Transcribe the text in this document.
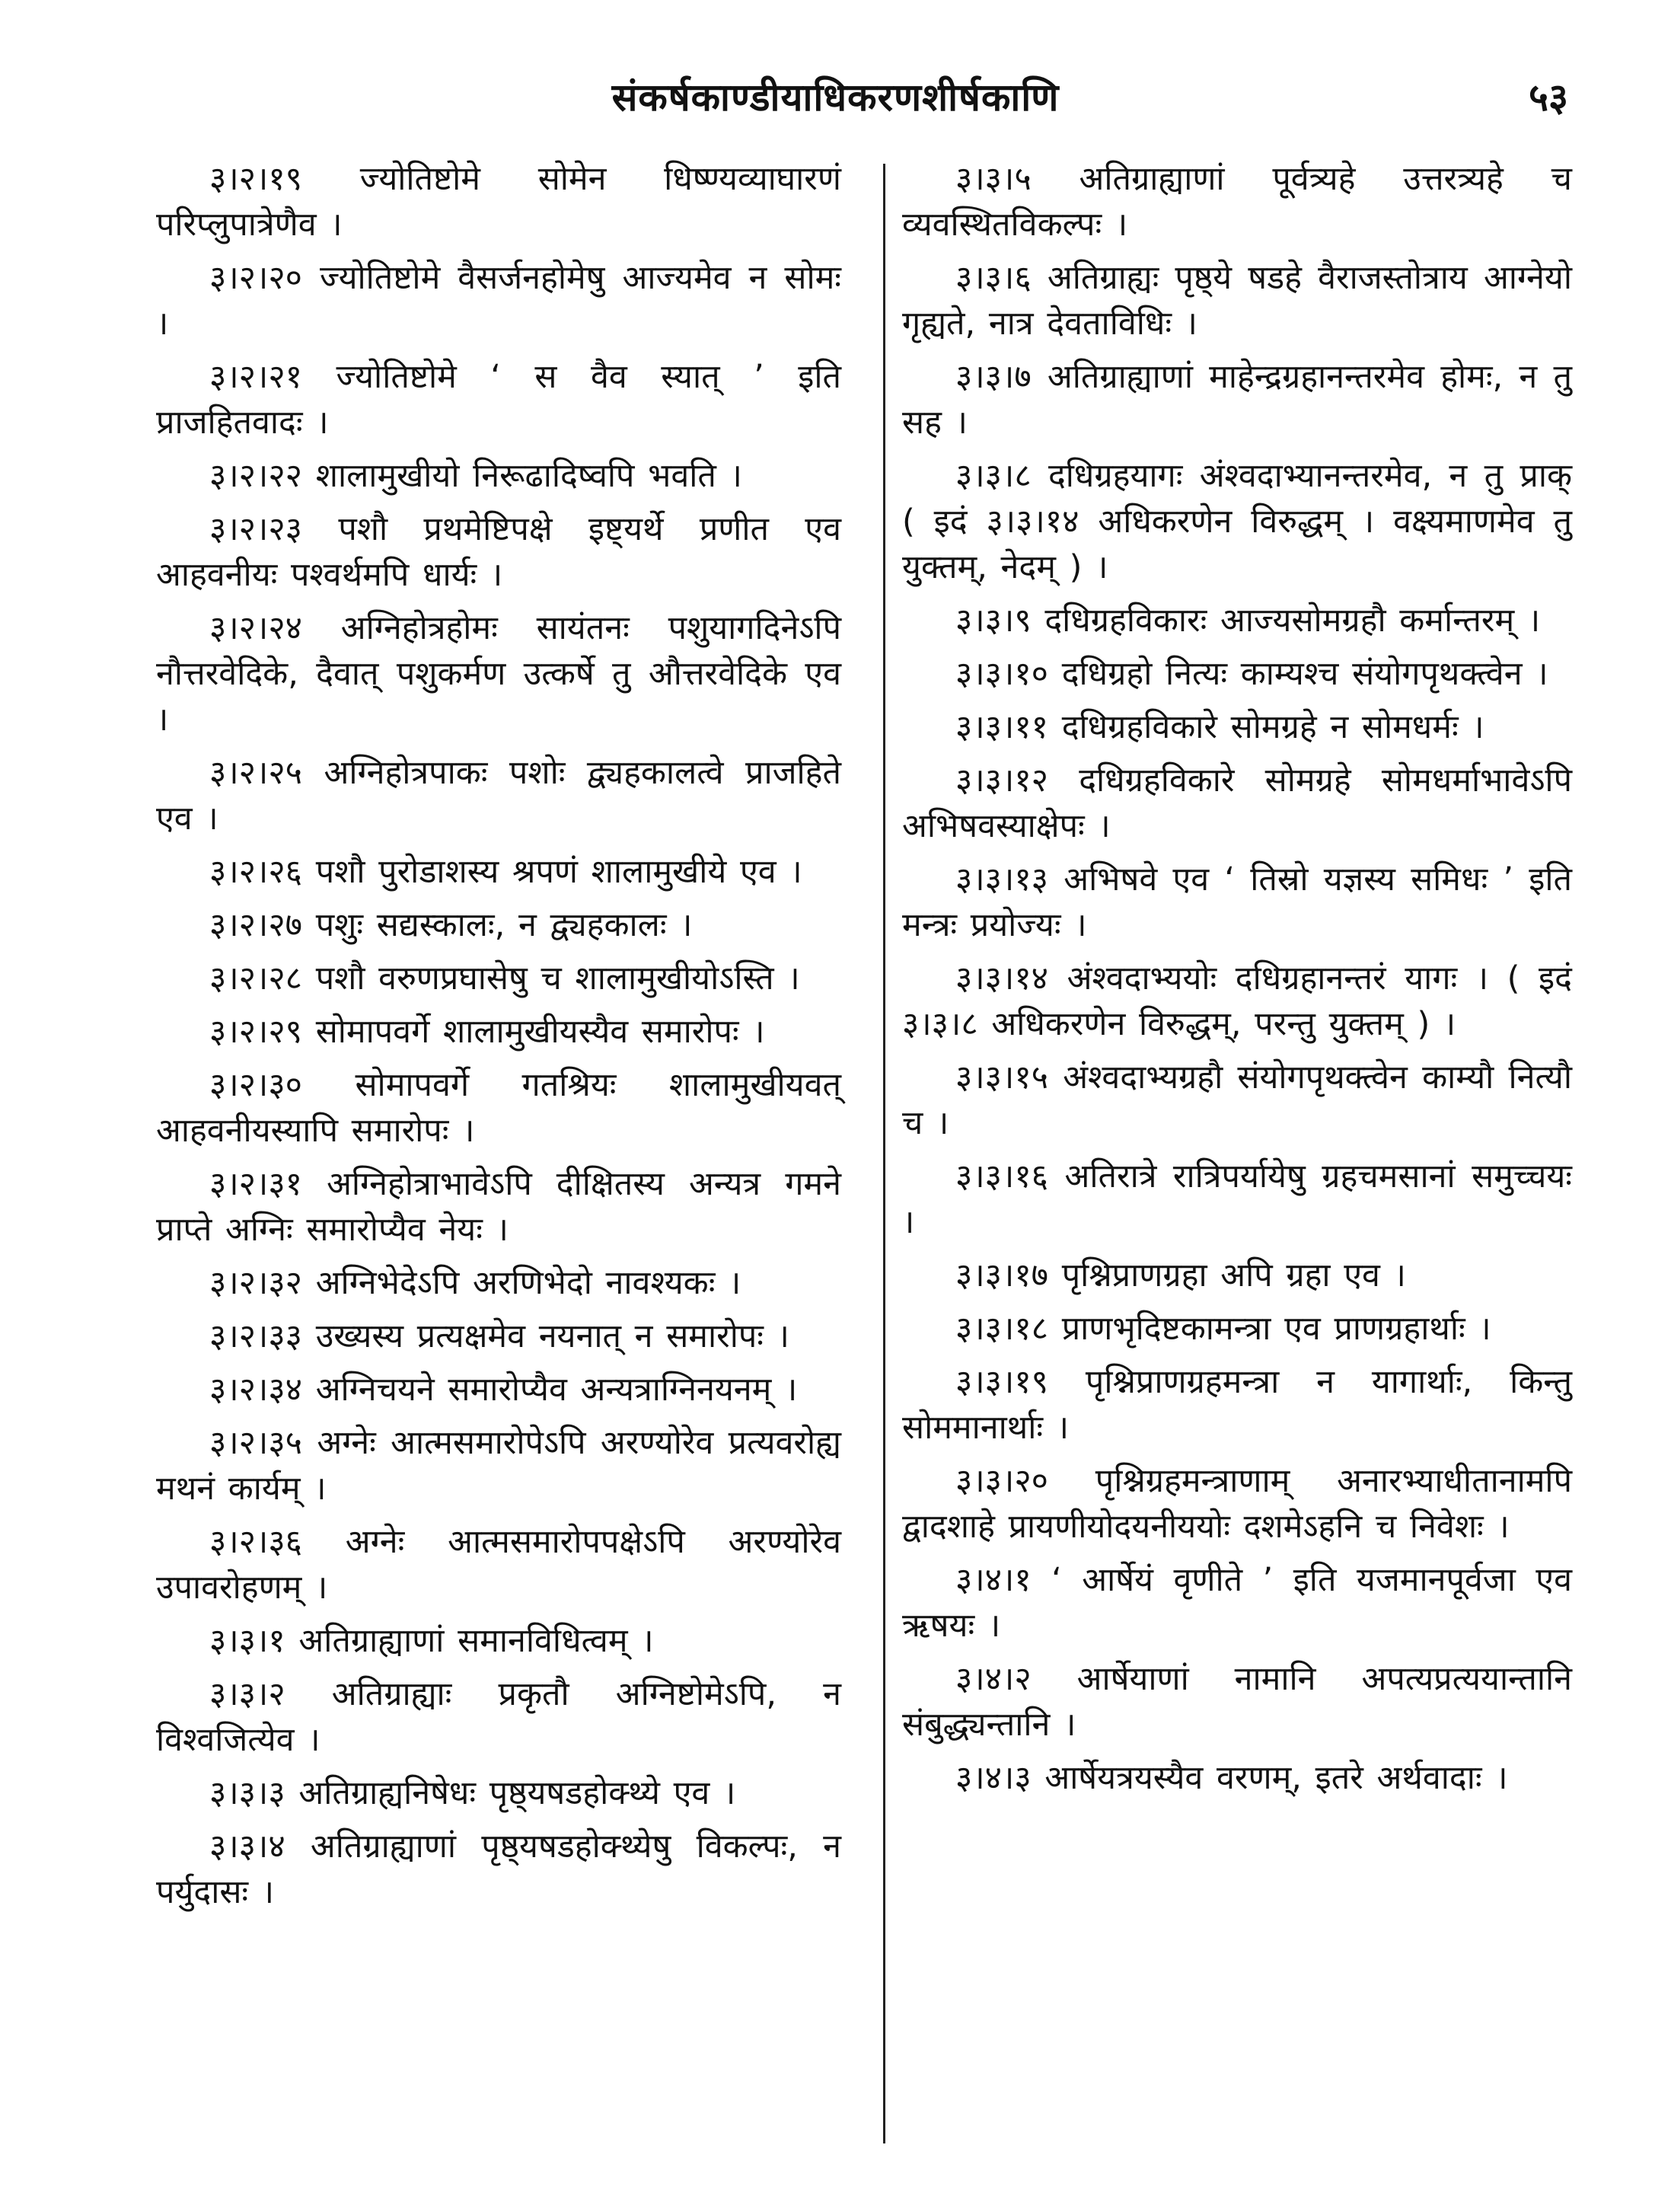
संकर्षकाण्डीयाधिकरणशीर्षकाणि	५३

३।२।१९ ज्योतिष्टोमे सोमेन धिष्ण्यव्याघारणं परिप्लुपात्रेणैव ।

३।२।२० ज्योतिष्टोमे वैसर्जनहोमेषु आज्यमेव न सोमः ।

३।२।२१ ज्योतिष्टोमे ‘ स वैव स्यात् ’ इति प्राजहितवादः ।

३।२।२२ शालामुखीयो निरूढादिष्वपि भवति ।

३।२।२३ पशौ प्रथमेष्टिपक्षे इष्ट्यर्थे प्रणीत एव आहवनीयः पश्वर्थमपि धार्यः ।

३।२।२४ अग्निहोत्रहोमः सायंतनः पशुयागदिनेऽपि नौत्तरवेदिके, दैवात् पशुकर्मण उत्कर्षे तु औत्तरवेदिके एव ।

३।२।२५ अग्निहोत्रपाकः पशोः द्व्यहकालत्वे प्राजहिते एव ।

३।२।२६ पशौ पुरोडाशस्य श्रपणं शालामुखीये एव ।

३।२।२७ पशुः सद्यस्कालः, न द्व्यहकालः ।

३।२।२८ पशौ वरुणप्रघासेषु च शालामुखीयोऽस्ति ।

३।२।२९ सोमापवर्गे शालामुखीयस्यैव समारोपः ।

३।२।३० सोमापवर्गे गतश्रियः शालामुखीयवत् आहवनीयस्यापि समारोपः ।

३।२।३१ अग्निहोत्राभावेऽपि दीक्षितस्य अन्यत्र गमने प्राप्ते अग्निः समारोप्यैव नेयः ।

३।२।३२ अग्निभेदेऽपि अरणिभेदो नावश्यकः ।

३।२।३३ उख्यस्य प्रत्यक्षमेव नयनात् न समारोपः ।

३।२।३४ अग्निचयने समारोप्यैव अन्यत्राग्निनयनम् ।

३।२।३५ अग्नेः आत्मसमारोपेऽपि अरण्योरेव प्रत्यवरोह्य मथनं कार्यम् ।

३।२।३६ अग्नेः आत्मसमारोपपक्षेऽपि अरण्योरेव उपावरोहणम् ।

३।३।१ अतिग्राह्याणां समानविधित्वम् ।

३।३।२ अतिग्राह्याः प्रकृतौ अग्निष्टोमेऽपि, न विश्वजित्येव ।

३।३।३ अतिग्राह्यनिषेधः पृष्ठ्यषडहोक्थ्ये एव ।

३।३।४ अतिग्राह्याणां पृष्ठ्यषडहोक्थ्येषु विकल्पः, न पर्युदासः ।

३।३।५ अतिग्राह्याणां पूर्वत्र्यहे उत्तरत्र्यहे च व्यवस्थितविकल्पः ।

३।३।६ अतिग्राह्यः पृष्ठ्ये षडहे वैराजस्तोत्राय आग्नेयो गृह्यते, नात्र देवताविधिः ।

३।३।७ अतिग्राह्याणां माहेन्द्रग्रहानन्तरमेव होमः, न तु सह ।

३।३।८ दधिग्रहयागः अंश्वदाभ्यानन्तरमेव, न तु प्राक् ( इदं ३।३।१४ अधिकरणेन विरुद्धम् । वक्ष्यमाणमेव तु युक्तम्, नेदम् ) ।

३।३।९ दधिग्रहविकारः आज्यसोमग्रहौ कर्मान्तरम् ।

३।३।१० दधिग्रहो नित्यः काम्यश्च संयोगपृथक्त्वेन ।

३।३।११ दधिग्रहविकारे सोमग्रहे न सोमधर्मः ।

३।३।१२ दधिग्रहविकारे सोमग्रहे सोमधर्माभावेऽपि अभिषवस्याक्षेपः ।

३।३।१३ अभिषवे एव ‘ तिस्रो यज्ञस्य समिधः ’ इति मन्त्रः प्रयोज्यः ।

३।३।१४ अंश्वदाभ्ययोः दधिग्रहानन्तरं यागः । ( इदं ३।३।८ अधिकरणेन विरुद्धम्, परन्तु युक्तम् ) ।

३।३।१५ अंश्वदाभ्यग्रहौ संयोगपृथक्त्वेन काम्यौ नित्यौ च ।

३।३।१६ अतिरात्रे रात्रिपर्यायेषु ग्रहचमसानां समुच्चयः ।

३।३।१७ पृश्निप्राणग्रहा अपि ग्रहा एव ।

३।३।१८ प्राणभृदिष्टकामन्त्रा एव प्राणग्रहार्थाः ।

३।३।१९ पृश्निप्राणग्रहमन्त्रा न यागार्थाः, किन्तु सोममानार्थाः ।

३।३।२० पृश्निग्रहमन्त्राणाम् अनारभ्याधीतानामपि द्वादशाहे प्रायणीयोदयनीययोः दशमेऽहनि च निवेशः ।

३।४।१ ‘ आर्षेयं वृणीते ’ इति यजमानपूर्वजा एव ऋषयः ।

३।४।२ आर्षेयाणां नामानि अपत्यप्रत्ययान्तानि संबुद्ध्यन्तानि ।

३।४।३ आर्षेयत्रयस्यैव वरणम्, इतरे अर्थवादाः ।
